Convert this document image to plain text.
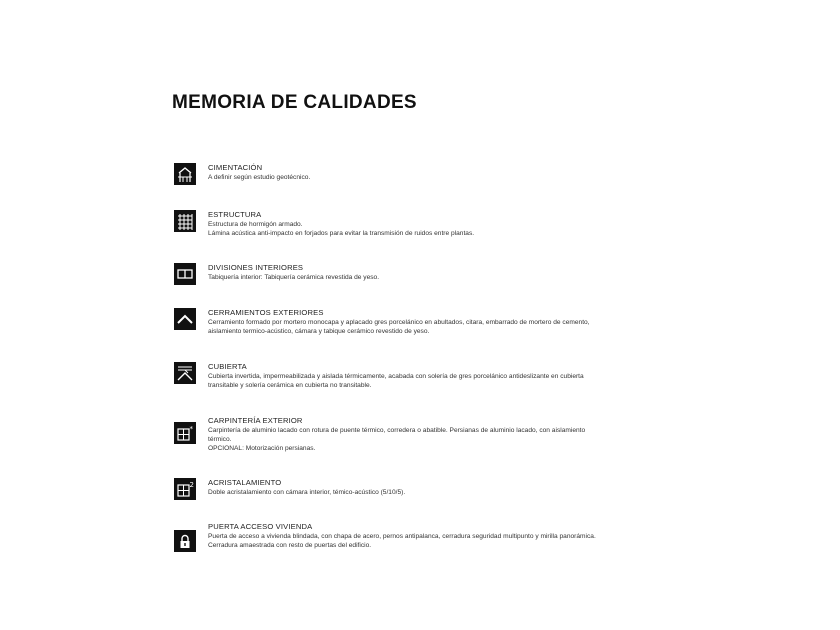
MEMORIA DE CALIDADES
CIMENTACIÓN
A definir según estudio geotécnico.
ESTRUCTURA
Estructura de hormigón armado.
Lámina acústica anti-impacto en forjados para evitar la transmisión de ruidos entre plantas.
DIVISIONES INTERIORES
Tabiquería interior: Tabiquería cerámica revestida de yeso.
CERRAMIENTOS EXTERIORES
Cerramiento formado por mortero monocapa y aplacado gres porcelánico en abultados, citara, embarrado de mortero de cemento,
aislamiento termico-acústico, cámara y tabique cerámico revestido de yeso.
CUBIERTA
Cubierta invertida, impermeabilizada y aislada térmicamente, acabada con solería de gres porcelánico antideslizante en cubierta
transitable y solería cerámica en cubierta no transitable.
*
CARPINTERÍA EXTERIOR
Carpintería de aluminio lacado con rotura de puente térmico, corredera o abatible. Persianas de aluminio lacado, con aislamiento
térmico.
OPCIONAL: Motorización persianas.
2 ACRISTALAMIENTO
Doble acristalamiento con cámara interior, témico-acústico (5/10/5).
PUERTA ACCESO VIVIENDA
Puerta de acceso a vivienda blindada, con chapa de acero, pernos antipalanca, cerradura seguridad multipunto y mirilla panorámica.
Cerradura amaestrada con resto de puertas del edificio.
